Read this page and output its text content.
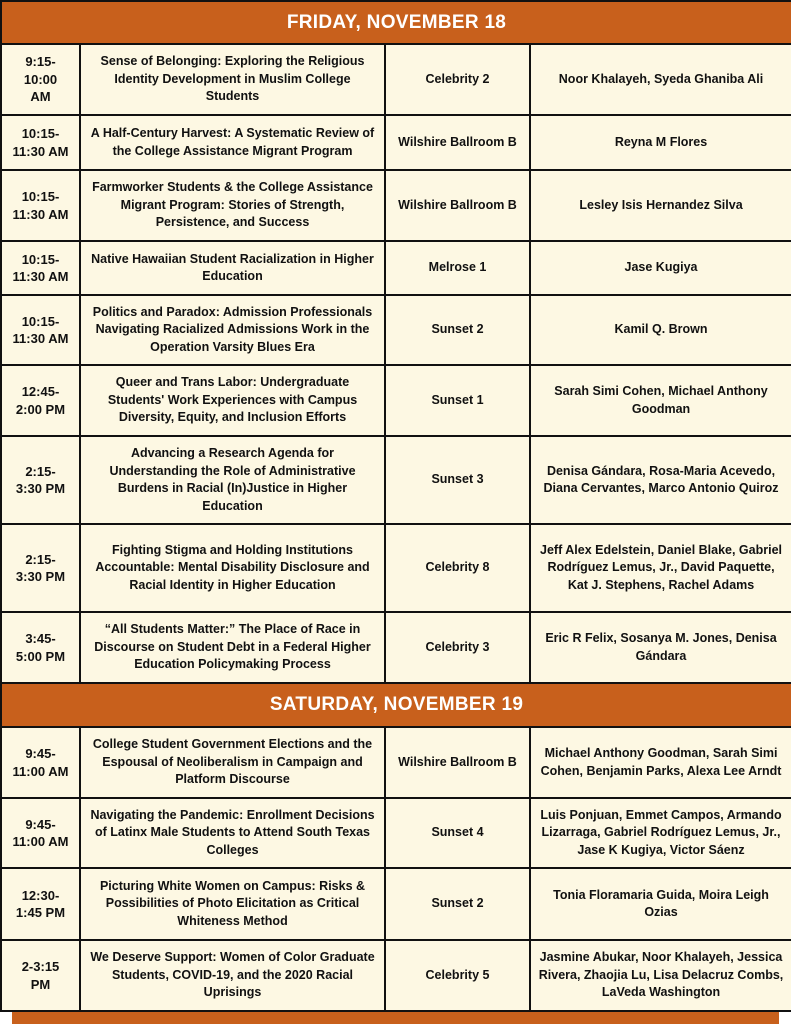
FRIDAY, NOVEMBER 18			
9:15-
10:00
AM	Sense of Belonging: Exploring the Religious Identity Development in Muslim College Students	Celebrity 2	Noor Khalayeh, Syeda Ghaniba Ali
10:15-
11:30 AM	A Half-Century Harvest: A Systematic Review of the College Assistance Migrant Program	Wilshire Ballroom B	Reyna M Flores
10:15-
11:30 AM	Farmworker Students & the College Assistance Migrant Program: Stories of Strength, Persistence, and Success	Wilshire Ballroom B	Lesley Isis Hernandez Silva
10:15-
11:30 AM	Native Hawaiian Student Racialization in Higher Education	Melrose 1	Jase Kugiya
10:15-
11:30 AM	Politics and Paradox: Admission Professionals Navigating Racialized Admissions Work in the Operation Varsity Blues Era	Sunset 2	Kamil Q. Brown
12:45-
2:00 PM	Queer and Trans Labor: Undergraduate Students' Work Experiences with Campus Diversity, Equity, and Inclusion Efforts	Sunset 1	Sarah Simi Cohen, Michael Anthony Goodman
2:15-
3:30 PM	Advancing a Research Agenda for Understanding the Role of Administrative Burdens in Racial (In)Justice in Higher Education	Sunset 3	Denisa Gándara, Rosa-Maria Acevedo, Diana Cervantes, Marco Antonio Quiroz
2:15-
3:30 PM	Fighting Stigma and Holding Institutions Accountable: Mental Disability Disclosure and Racial Identity in Higher Education	Celebrity 8	Jeff Alex Edelstein, Daniel Blake, Gabriel Rodríguez Lemus, Jr., David Paquette, Kat J. Stephens, Rachel Adams
3:45-
5:00 PM	“All Students Matter:” The Place of Race in Discourse on Student Debt in a Federal Higher Education Policymaking Process	Celebrity 3	Eric R Felix, Sosanya M. Jones, Denisa Gándara
SATURDAY, NOVEMBER 19			
9:45-
11:00 AM	College Student Government Elections and the Espousal of Neoliberalism in Campaign and Platform Discourse	Wilshire Ballroom B	Michael Anthony Goodman, Sarah Simi Cohen, Benjamin Parks, Alexa Lee Arndt
9:45-
11:00 AM	Navigating the Pandemic: Enrollment Decisions of Latinx Male Students to Attend South Texas Colleges	Sunset 4	Luis Ponjuan, Emmet Campos, Armando Lizarraga, Gabriel Rodríguez Lemus, Jr., Jase K Kugiya, Victor Sáenz
12:30-
1:45 PM	Picturing White Women on Campus: Risks & Possibilities of Photo Elicitation as Critical Whiteness Method	Sunset 2	Tonia Floramaria Guida, Moira Leigh Ozias
2-3:15
PM	We Deserve Support: Women of Color Graduate Students, COVID-19, and the 2020 Racial Uprisings	Celebrity 5	Jasmine Abukar, Noor Khalayeh, Jessica Rivera, Zhaojia Lu, Lisa Delacruz Combs, LaVeda Washington
